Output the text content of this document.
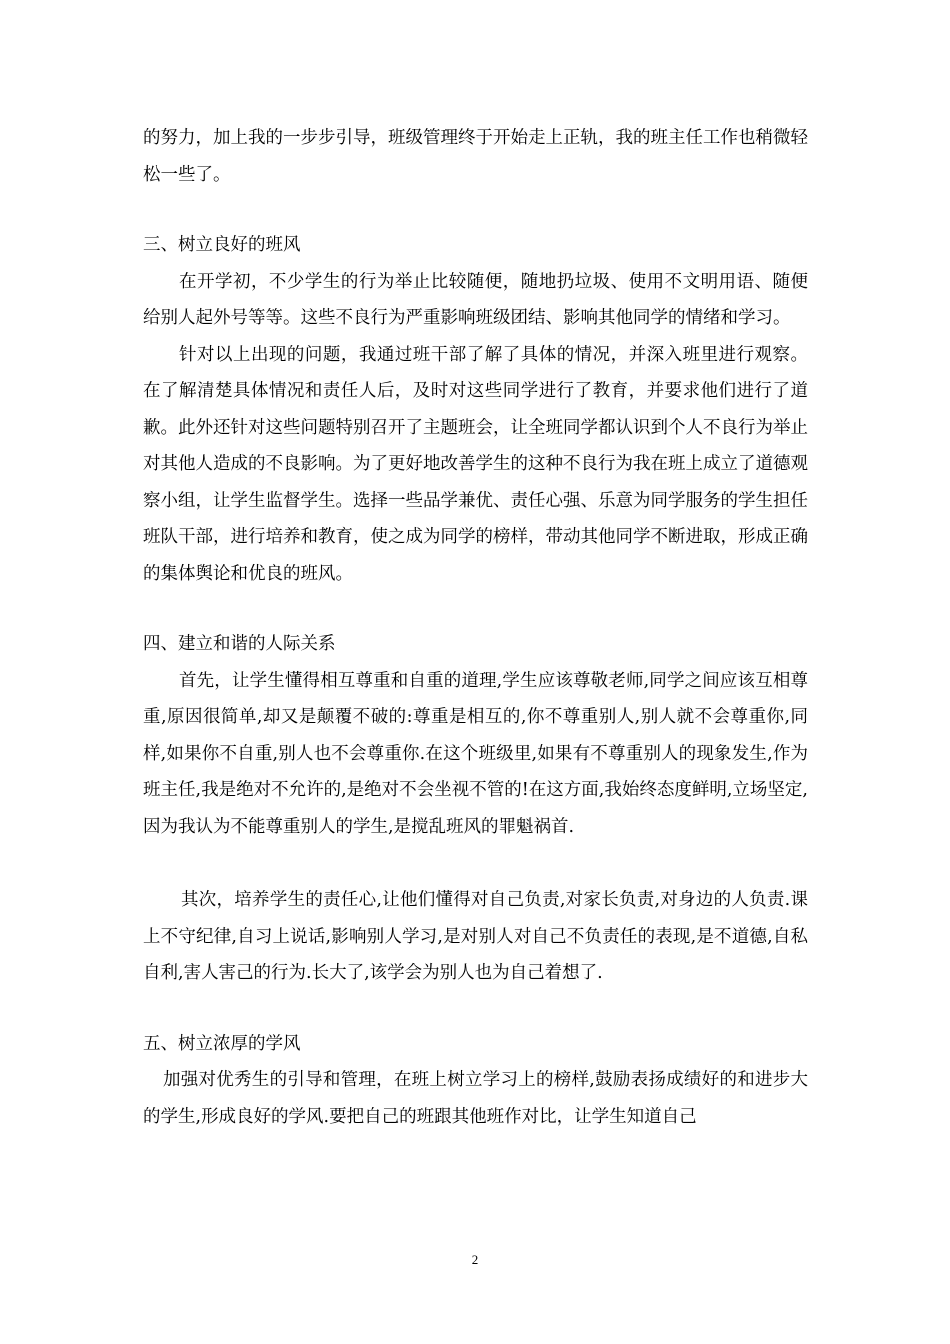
的努力，加上我的一步步引导，班级管理终于开始走上正轨，我的班主任工作也稍微轻松一些了。

三、树立良好的班风

在开学初，不少学生的行为举止比较随便，随地扔垃圾、使用不文明用语、随便给别人起外号等等。这些不良行为严重影响班级团结、影响其他同学的情绪和学习。

针对以上出现的问题，我通过班干部了解了具体的情况，并深入班里进行观察。在了解清楚具体情况和责任人后，及时对这些同学进行了教育，并要求他们进行了道歉。此外还针对这些问题特别召开了主题班会，让全班同学都认识到个人不良行为举止对其他人造成的不良影响。为了更好地改善学生的这种不良行为我在班上成立了道德观察小组，让学生监督学生。选择一些品学兼优、责任心强、乐意为同学服务的学生担任班队干部，进行培养和教育，使之成为同学的榜样，带动其他同学不断进取，形成正确的集体舆论和优良的班风。

四、建立和谐的人际关系

首先，让学生懂得相互尊重和自重的道理,学生应该尊敬老师,同学之间应该互相尊重,原因很简单,却又是颠覆不破的:尊重是相互的,你不尊重别人,别人就不会尊重你,同样,如果你不自重,别人也不会尊重你.在这个班级里,如果有不尊重别人的现象发生,作为班主任,我是绝对不允许的,是绝对不会坐视不管的!在这方面,我始终态度鲜明,立场坚定,因为我认为不能尊重别人的学生,是搅乱班风的罪魁祸首.

其次，培养学生的责任心,让他们懂得对自己负责,对家长负责,对身边的人负责.课上不守纪律,自习上说话,影响别人学习,是对别人对自己不负责任的表现,是不道德,自私自利,害人害己的行为.长大了,该学会为别人也为自己着想了.

五、树立浓厚的学风

加强对优秀生的引导和管理，在班上树立学习上的榜样,鼓励表扬成绩好的和进步大的学生,形成良好的学风.要把自己的班跟其他班作对比，让学生知道自己

2
